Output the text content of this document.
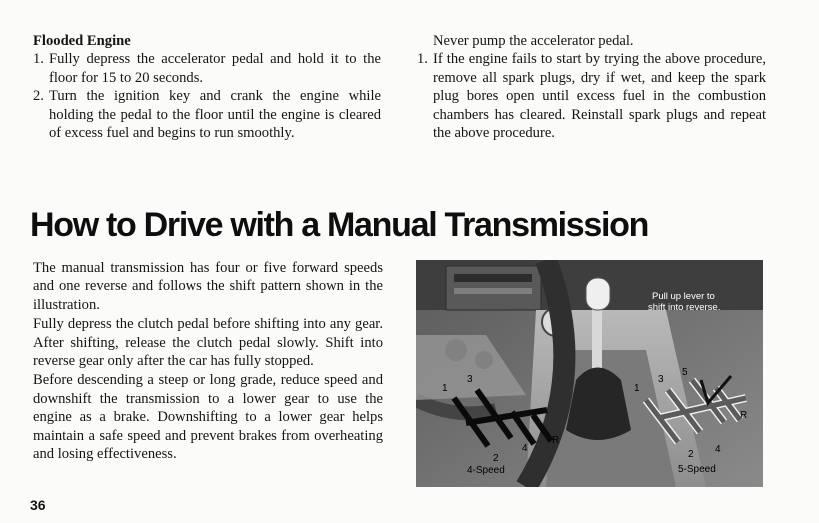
Flooded Engine
1. Fully depress the accelerator pedal and hold it to the floor for 15 to 20 seconds.
2. Turn the ignition key and crank the engine while holding the pedal to the floor until the engine is cleared of excess fuel and begins to run smoothly.
Never pump the accelerator pedal.
1. If the engine fails to start by trying the above procedure, remove all spark plugs, dry if wet, and keep the spark plug bores open until excess fuel in the combustion chambers has cleared. Reinstall spark plugs and repeat the above procedure.
How to Drive with a Manual Transmission

The manual transmission has four or five forward speeds and one reverse and follows the shift pattern shown in the illustration.

Fully depress the clutch pedal before shifting into any gear. After shifting, release the clutch pedal slowly. Shift into reverse gear only after the car has fully stopped.

Before descending a steep or long grade, reduce speed and downshift the transmission to a lower gear to use the engine as a brake. Downshifting to a lower gear helps maintain a safe speed and prevent brakes from overheating and losing effectiveness.

1
3
2
4
R
4-Speed
Pull up lever to
shift into reverse.
1
3
5
2 4
R
5-Speed
36
